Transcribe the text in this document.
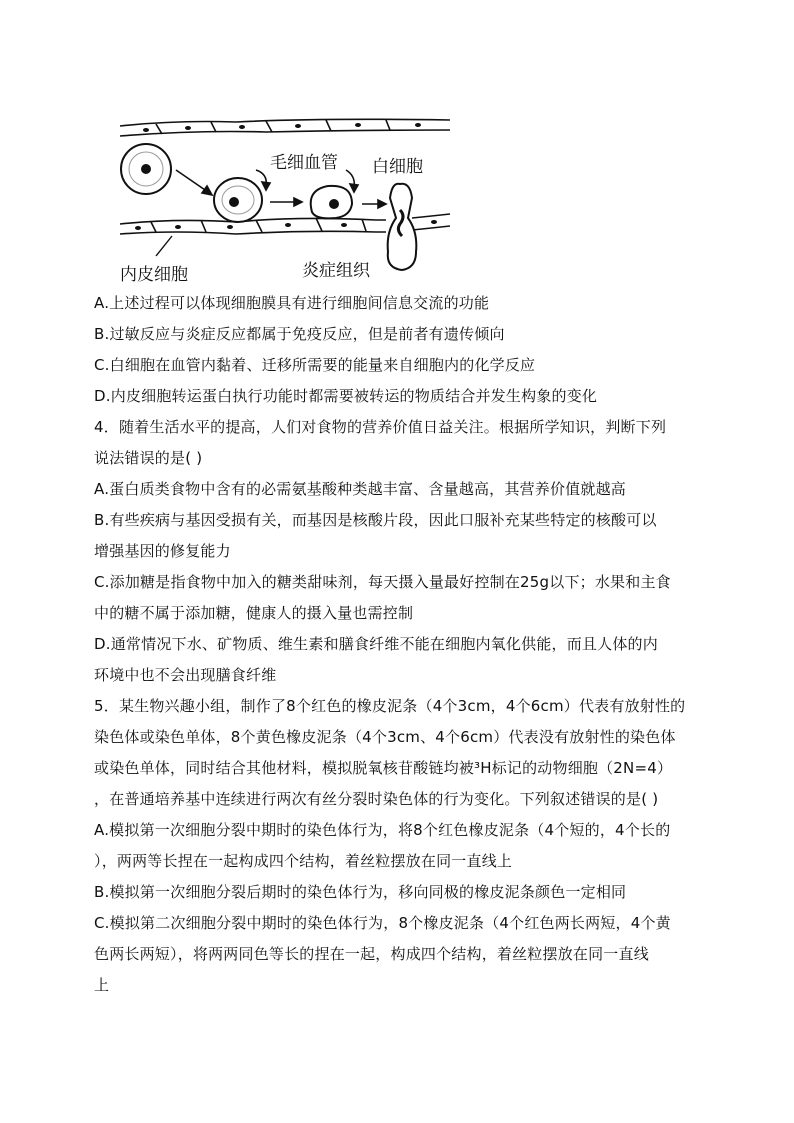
毛细血管 白细胞
内皮细胞	炎症组织
A.上述过程可以体现细胞膜具有进行细胞间信息交流的功能
B.过敏反应与炎症反应都属于免疫反应，但是前者有遗传倾向
C.白细胞在血管内黏着、迁移所需要的能量来自细胞内的化学反应
D.内皮细胞转运蛋白执行功能时都需要被转运的物质结合并发生构象的变化
4．随着生活水平的提高，人们对食物的营养价值日益关注。根据所学知识，判断下列
说法错误的是( )
A.蛋白质类食物中含有的必需氨基酸种类越丰富、含量越高，其营养价值就越高
B.有些疾病与基因受损有关，而基因是核酸片段，因此口服补充某些特定的核酸可以
增强基因的修复能力
C.添加糖是指食物中加入的糖类甜味剂，每天摄入量最好控制在25g以下；水果和主食
中的糖不属于添加糖，健康人的摄入量也需控制
D.通常情况下水、矿物质、维生素和膳食纤维不能在细胞内氧化供能，而且人体的内
环境中也不会出现膳食纤维
5．某生物兴趣小组，制作了8个红色的橡皮泥条（4个3cm，4个6cm）代表有放射性的
染色体或染色单体，8个黄色橡皮泥条（4个3cm、4个6cm）代表没有放射性的染色体
或染色单体，同时结合其他材料，模拟脱氧核苷酸链均被³H标记的动物细胞（2N=4）
，在普通培养基中连续进行两次有丝分裂时染色体的行为变化。下列叙述错误的是( )
A.模拟第一次细胞分裂中期时的染色体行为，将8个红色橡皮泥条（4个短的，4个长的
），两两等长捏在一起构成四个结构，着丝粒摆放在同一直线上
B.模拟第一次细胞分裂后期时的染色体行为，移向同极的橡皮泥条颜色一定相同
C.模拟第二次细胞分裂中期时的染色体行为，8个橡皮泥条（4个红色两长两短，4个黄
色两长两短），将两两同色等长的捏在一起，构成四个结构，着丝粒摆放在同一直线
上
